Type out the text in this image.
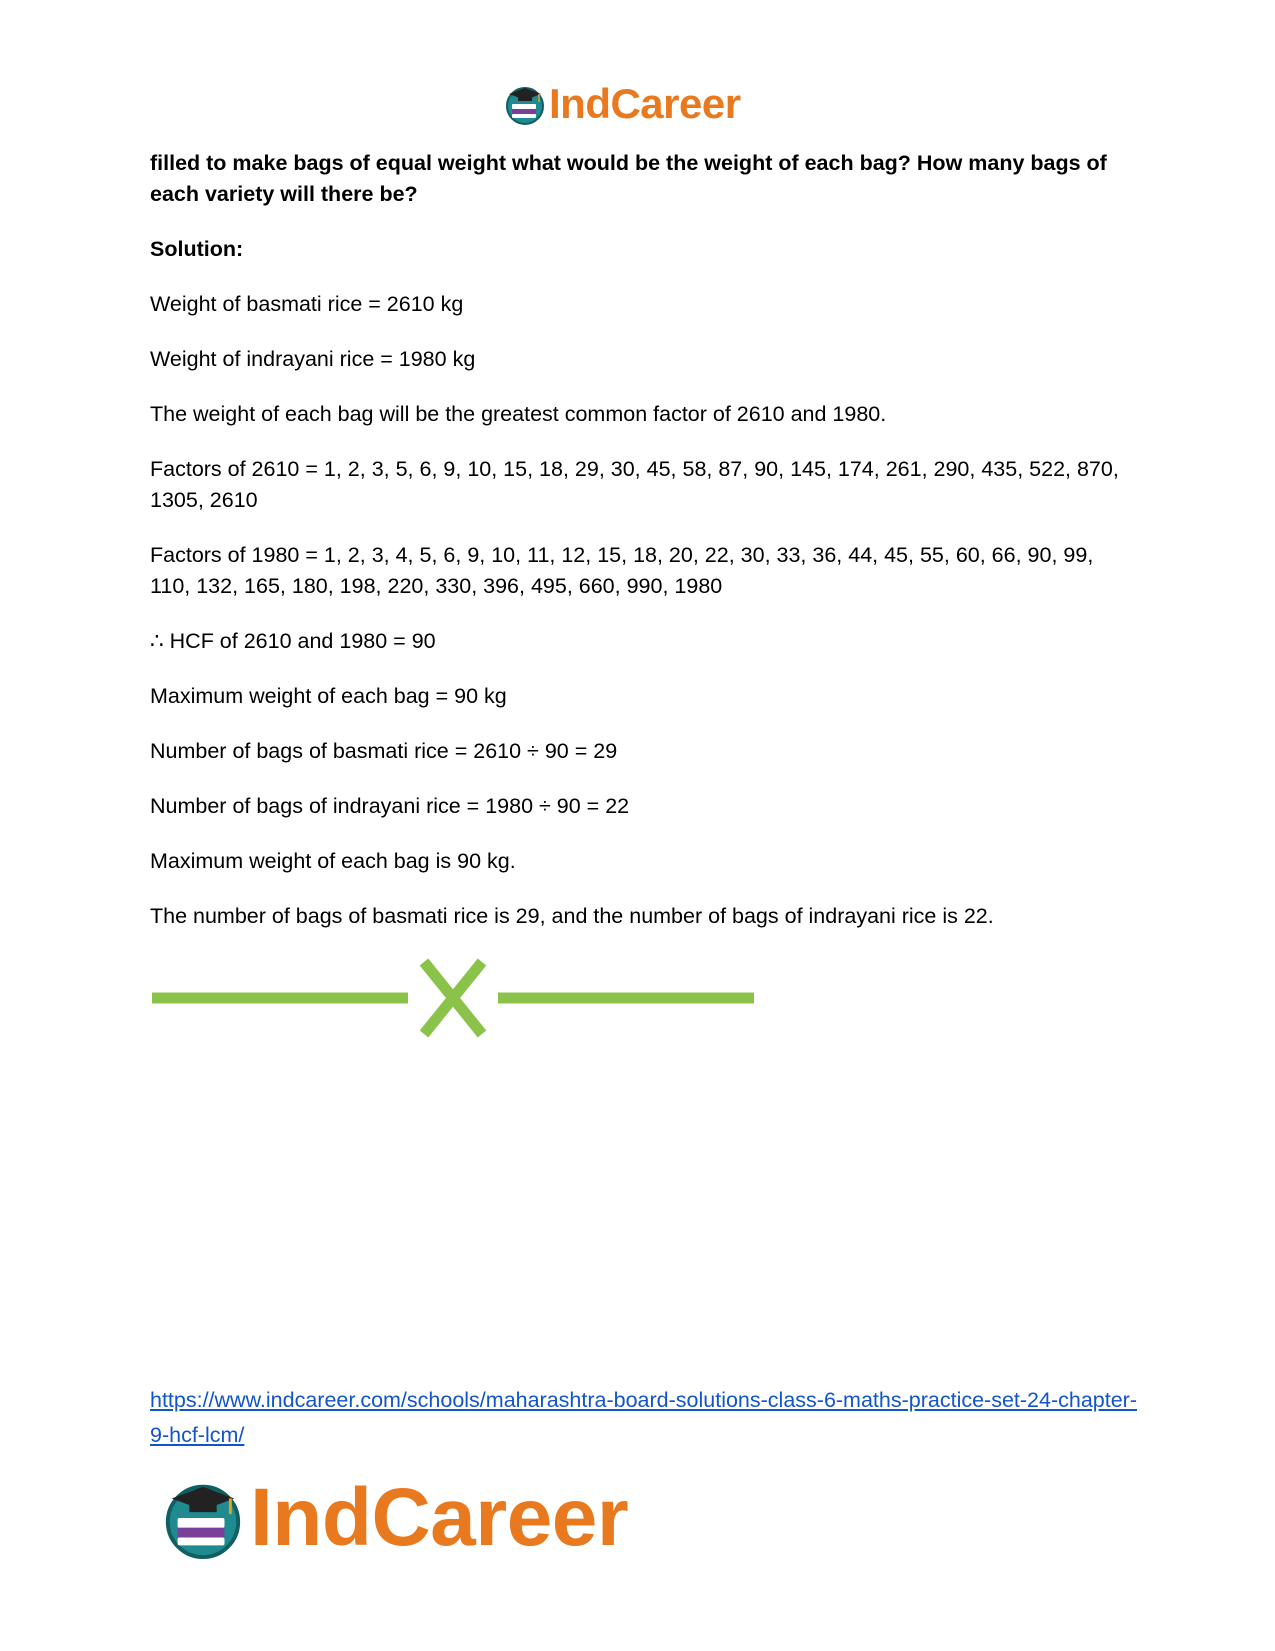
IndCareer

filled to make bags of equal weight what would be the weight of each bag? How many bags of each variety will there be?

Solution:

Weight of basmati rice = 2610 kg

Weight of indrayani rice = 1980 kg

The weight of each bag will be the greatest common factor of 2610 and 1980.

Factors of 2610 = 1, 2, 3, 5, 6, 9, 10, 15, 18, 29, 30, 45, 58, 87, 90, 145, 174, 261, 290, 435, 522, 870, 1305, 2610

Factors of 1980 = 1, 2, 3, 4, 5, 6, 9, 10, 11, 12, 15, 18, 20, 22, 30, 33, 36, 44, 45, 55, 60, 66, 90, 99, 110, 132, 165, 180, 198, 220, 330, 396, 495, 660, 990, 1980

∴ HCF of 2610 and 1980 = 90

Maximum weight of each bag = 90 kg

Number of bags of basmati rice = 2610 ÷ 90 = 29

Number of bags of indrayani rice = 1980 ÷ 90 = 22

Maximum weight of each bag is 90 kg.

The number of bags of basmati rice is 29, and the number of bags of indrayani rice is 22.

https://www.indcareer.com/schools/maharashtra-board-solutions-class-6-maths-practice-set-24-chapter-9-hcf-lcm/
IndCareer
